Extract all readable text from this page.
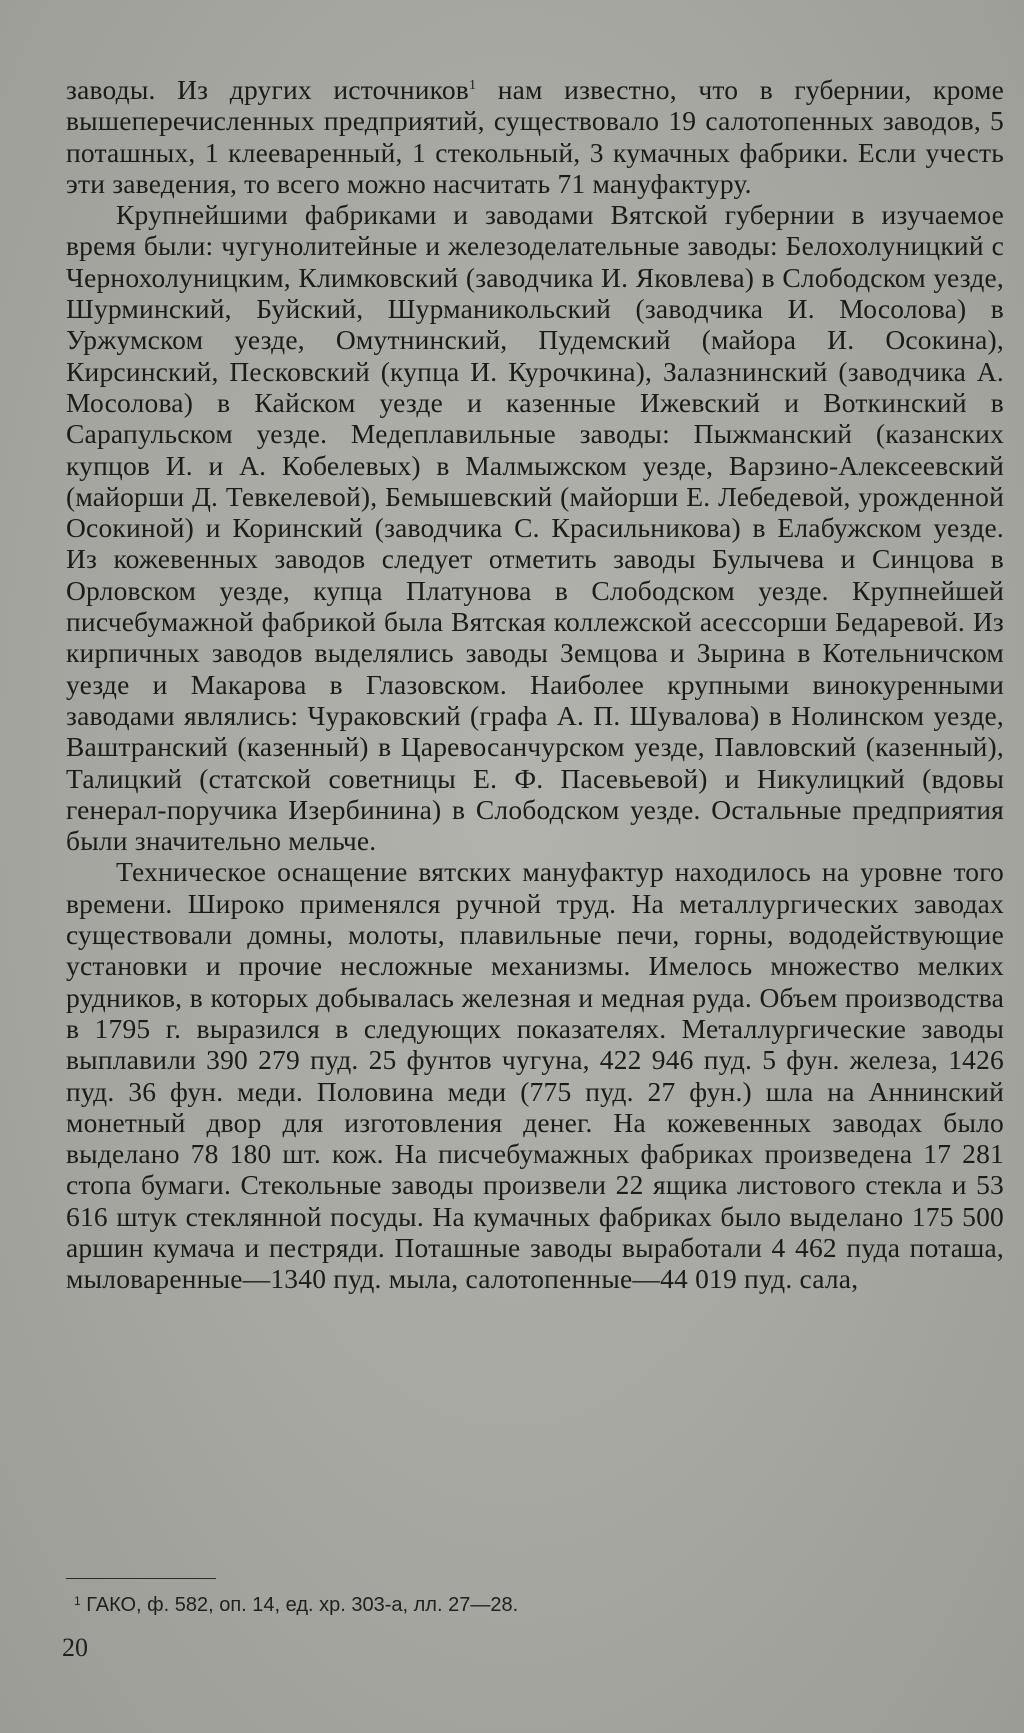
заводы. Из других источников$^1$ нам известно, что в губернии, кроме вышеперечисленных предприятий, существовало 19 салотопенных заводов, 5 поташных, 1 клееваренный, 1 стекольный, 3 кумачных фабрики. Если учесть эти заведения, то всего можно насчитать 71 мануфактуру.

Крупнейшими фабриками и заводами Вятской губернии в изучаемое время были: чугунолитейные и железоделательные заводы: Белохолуницкий с Чернохолуницким, Климковский (заводчика И. Яковлева) в Слободском уезде, Шурминский, Буйский, Шурманикольский (заводчика И. Мосолова) в Уржумском уезде, Омутнинский, Пудемский (майора И. Осокина), Кирсинский, Песковский (купца И. Курочкина), Залазнинский (заводчика А. Мосолова) в Кайском уезде и казенные Ижевский и Воткинский в Сарапульском уезде. Медеплавильные заводы: Пыжманский (казанских купцов И. и А. Кобелевых) в Малмыжском уезде, Варзино-Алексеевский (майорши Д. Тевкелевой), Бемышевский (майорши Е. Лебедевой, урожденной Осокиной) и Коринский (заводчика С. Красильникова) в Елабужском уезде. Из кожевенных заводов следует отметить заводы Булычева и Синцова в Орловском уезде, купца Платунова в Слободском уезде. Крупнейшей писчебумажной фабрикой была Вятская коллежской асессорши Бедаревой. Из кирпичных заводов выделялись заводы Земцова и Зырина в Котельничском уезде и Макарова в Глазовском. Наиболее крупными винокуренными заводами являлись: Чураковский (графа А. П. Шувалова) в Нолинском уезде, Ваштранский (казенный) в Царевосанчурском уезде, Павловский (казенный), Талицкий (статской советницы Е. Ф. Пасевьевой) и Никулицкий (вдовы генерал-поручика Изербинина) в Слободском уезде. Остальные предприятия были значительно мельче.

Техническое оснащение вятских мануфактур находилось на уровне того времени. Широко применялся ручной труд. На металлургических заводах существовали домны, молоты, плавильные печи, горны, вододействующие установки и прочие несложные механизмы. Имелось множество мелких рудников, в которых добывалась железная и медная руда. Объем производства в 1795 г. выразился в следующих показателях. Металлургические заводы выплавили 390 279 пуд. 25 фунтов чугуна, 422 946 пуд. 5 фун. железа, 1426 пуд. 36 фун. меди. Половина меди (775 пуд. 27 фун.) шла на Аннинский монетный двор для изготовления денег. На кожевенных заводах было выделано 78 180 шт. кож. На писчебумажных фабриках произведена 17 281 стопа бумаги. Стекольные заводы произвели 22 ящика листового стекла и 53 616 штук стеклянной посуды. На кумачных фабриках было выделано 175 500 аршин кумача и пестряди. Поташные заводы выработали 4 462 пуда поташа, мыловаренные—1340 пуд. мыла, салотопенные—44 019 пуд. сала,

$^1$ ГАКО, ф. 582, оп. 14, ед. хр. 303-а, лл. 27—28.
20
